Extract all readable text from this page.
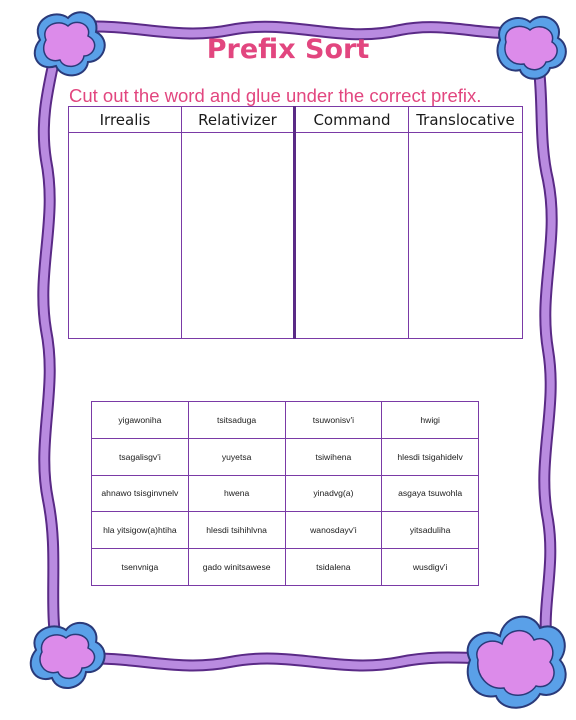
Prefix Sort
Cut out the word and glue under the correct prefix.
Irrealis	Relativizer	Command	Translocative

yigawoniha	tsitsaduga	tsuwonisv'i	hwigi
tsagalisgv'i	yuyetsa	tsiwihena	hlesdi tsigahidelv
ahnawo tsisginvnelv	hwena	yinadvg(a)	asgaya tsuwohla
hla yitsigow(a)htiha	hlesdi tsihihlvna	wanosdayv'i	yitsaduliha
tsenvniga	gado winitsawese	tsidalena	wusdigv'i
